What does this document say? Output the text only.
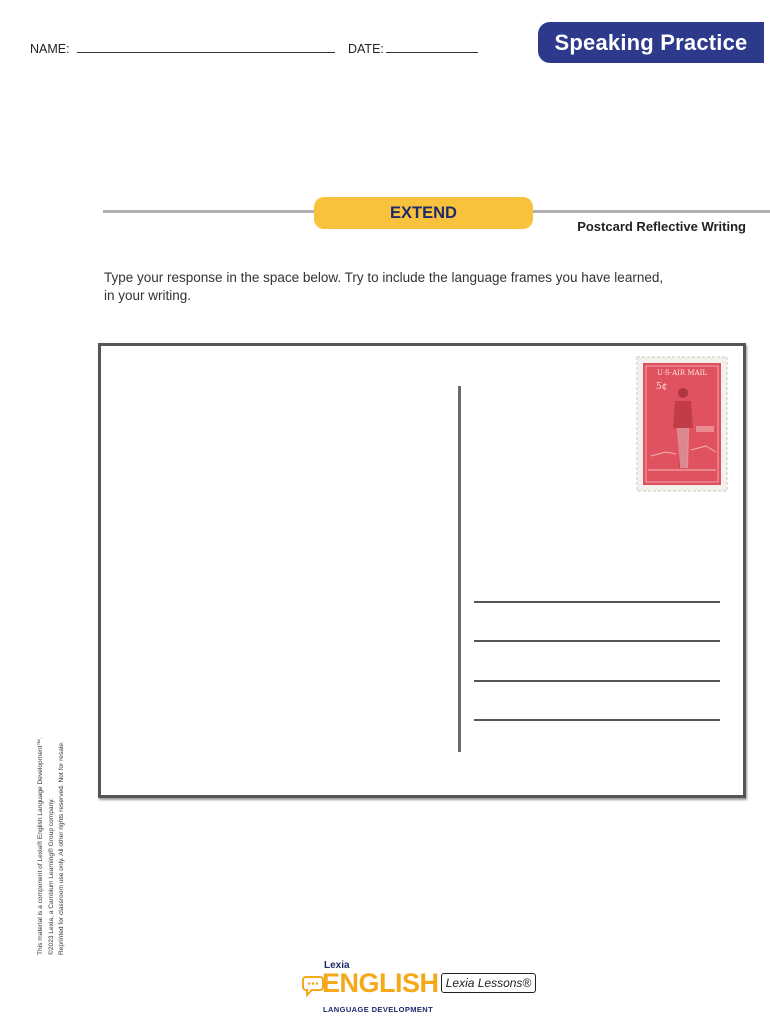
NAME:	DATE:	Speaking Practice
EXTEND
Postcard Reflective Writing
Type your response in the space below. Try to include the language frames you have learned, in your writing.
U·S·AIR MAIL
5¢
This material is a component of Lexia® English Language Development™. ©2023 Lexia, a Cambium Learning® Group company. Reprinted for classroom use only. All other rights reserved. Not for resale.
Lexia
ENGLISH
LANGUAGE DEVELOPMENT
Lexia Lessons®
